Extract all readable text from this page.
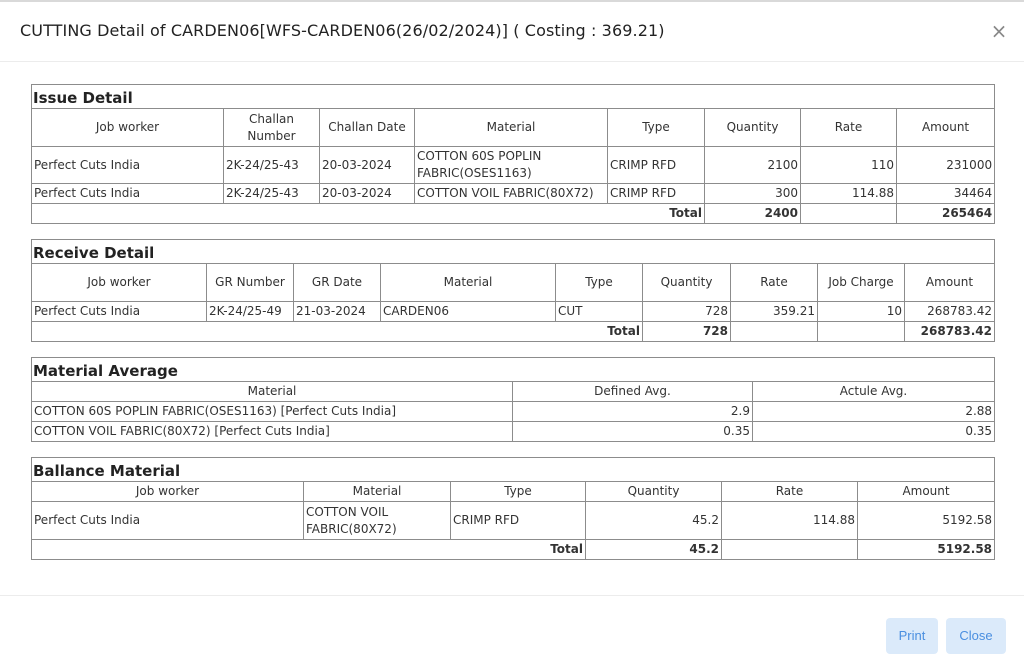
CUTTING Detail of CARDEN06[WFS-CARDEN06(26/02/2024)] ( Costing : 369.21)	×
Issue Detail							
Job worker	Challan Number	Challan Date	Material	Type	Quantity	Rate	Amount
Perfect Cuts India	2K-24/25-43	20-03-2024	COTTON 60S POPLIN FABRIC(OSES1163)	CRIMP RFD	2100	110	231000
Perfect Cuts India	2K-24/25-43	20-03-2024	COTTON VOIL FABRIC(80X72)	CRIMP RFD	300	114.88	34464
Total					2400		265464
Receive Detail								
Job worker	GR Number	GR Date	Material	Type	Quantity	Rate	Job Charge	Amount
Perfect Cuts India	2K-24/25-49	21-03-2024	CARDEN06	CUT	728	359.21	10	268783.42
Total					728			268783.42
Material Average		
Material	Defined Avg.	Actule Avg.
COTTON 60S POPLIN FABRIC(OSES1163) [Perfect Cuts India]	2.9	2.88
COTTON VOIL FABRIC(80X72) [Perfect Cuts India]	0.35	0.35
Ballance Material					
Job worker	Material	Type	Quantity	Rate	Amount
Perfect Cuts India	COTTON VOIL FABRIC(80X72)	CRIMP RFD	45.2	114.88	5192.58
Total			45.2		5192.58
Print	Close
